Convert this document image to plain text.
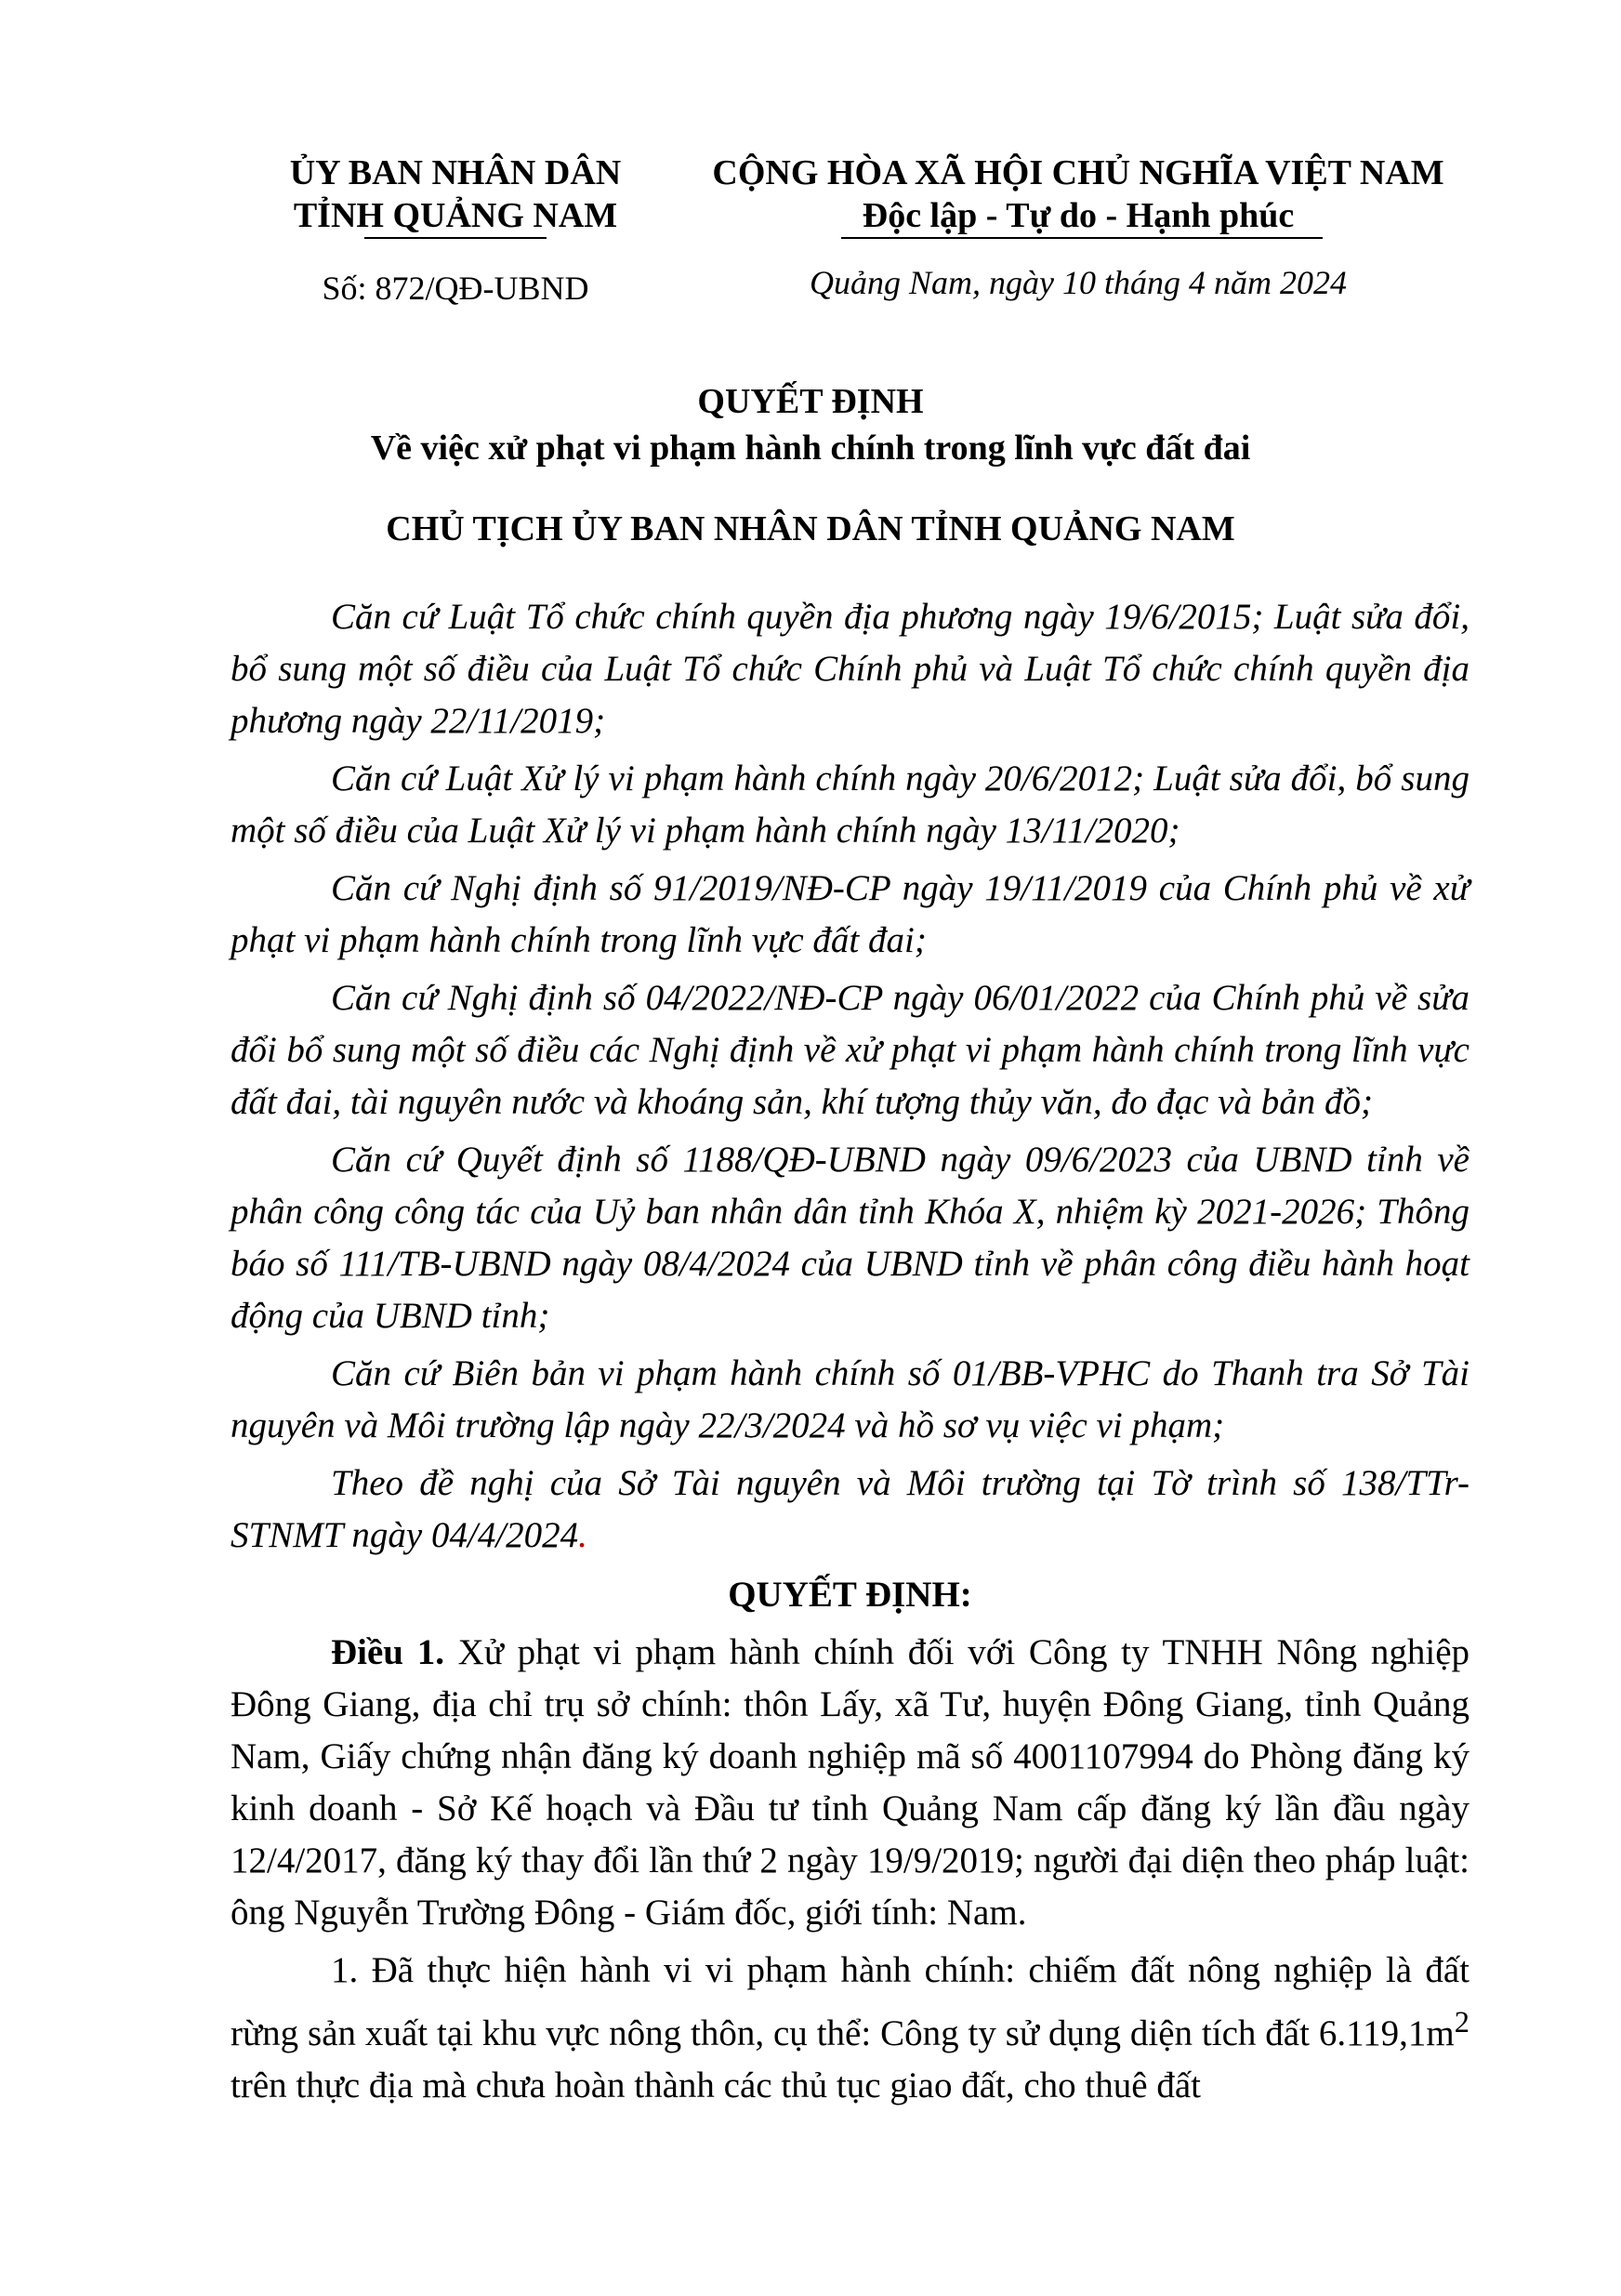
ỦY BAN NHÂN DÂN
TỈNH QUẢNG NAM
Số: 872/QĐ-UBND
CỘNG HÒA XÃ HỘI CHỦ NGHĨA VIỆT NAM
Độc lập - Tự do - Hạnh phúc
Quảng Nam, ngày 10 tháng 4 năm 2024
QUYẾT ĐỊNH
Về việc xử phạt vi phạm hành chính trong lĩnh vực đất đai
CHỦ TỊCH ỦY BAN NHÂN DÂN TỈNH QUẢNG NAM

Căn cứ Luật Tổ chức chính quyền địa phương ngày 19/6/2015; Luật sửa đổi, bổ sung một số điều của Luật Tổ chức Chính phủ và Luật Tổ chức chính quyền địa phương ngày 22/11/2019;

Căn cứ Luật Xử lý vi phạm hành chính ngày 20/6/2012; Luật sửa đổi, bổ sung một số điều của Luật Xử lý vi phạm hành chính ngày 13/11/2020;

Căn cứ Nghị định số 91/2019/NĐ-CP ngày 19/11/2019 của Chính phủ về xử phạt vi phạm hành chính trong lĩnh vực đất đai;

Căn cứ Nghị định số 04/2022/NĐ-CP ngày 06/01/2022 của Chính phủ về sửa đổi bổ sung một số điều các Nghị định về xử phạt vi phạm hành chính trong lĩnh vực đất đai, tài nguyên nước và khoáng sản, khí tượng thủy văn, đo đạc và bản đồ;

Căn cứ Quyết định số 1188/QĐ-UBND ngày 09/6/2023 của UBND tỉnh về phân công công tác của Uỷ ban nhân dân tỉnh Khóa X, nhiệm kỳ 2021-2026; Thông báo số 111/TB-UBND ngày 08/4/2024 của UBND tỉnh về phân công điều hành hoạt động của UBND tỉnh;

Căn cứ Biên bản vi phạm hành chính số 01/BB-VPHC do Thanh tra Sở Tài nguyên và Môi trường lập ngày 22/3/2024 và hồ sơ vụ việc vi phạm;

Theo đề nghị của Sở Tài nguyên và Môi trường tại Tờ trình số 138/TTr-STNMT ngày 04/4/2024.

QUYẾT ĐỊNH:

Điều 1. Xử phạt vi phạm hành chính đối với Công ty TNHH Nông nghiệp Đông Giang, địa chỉ trụ sở chính: thôn Lấy, xã Tư, huyện Đông Giang, tỉnh Quảng Nam, Giấy chứng nhận đăng ký doanh nghiệp mã số 4001107994 do Phòng đăng ký kinh doanh - Sở Kế hoạch và Đầu tư tỉnh Quảng Nam cấp đăng ký lần đầu ngày 12/4/2017, đăng ký thay đổi lần thứ 2 ngày 19/9/2019; người đại diện theo pháp luật: ông Nguyễn Trường Đông - Giám đốc, giới tính: Nam.

1. Đã thực hiện hành vi vi phạm hành chính: chiếm đất nông nghiệp là đất rừng sản xuất tại khu vực nông thôn, cụ thể: Công ty sử dụng diện tích đất $6.119,1m^2$ trên thực địa mà chưa hoàn thành các thủ tục giao đất, cho thuê đất
